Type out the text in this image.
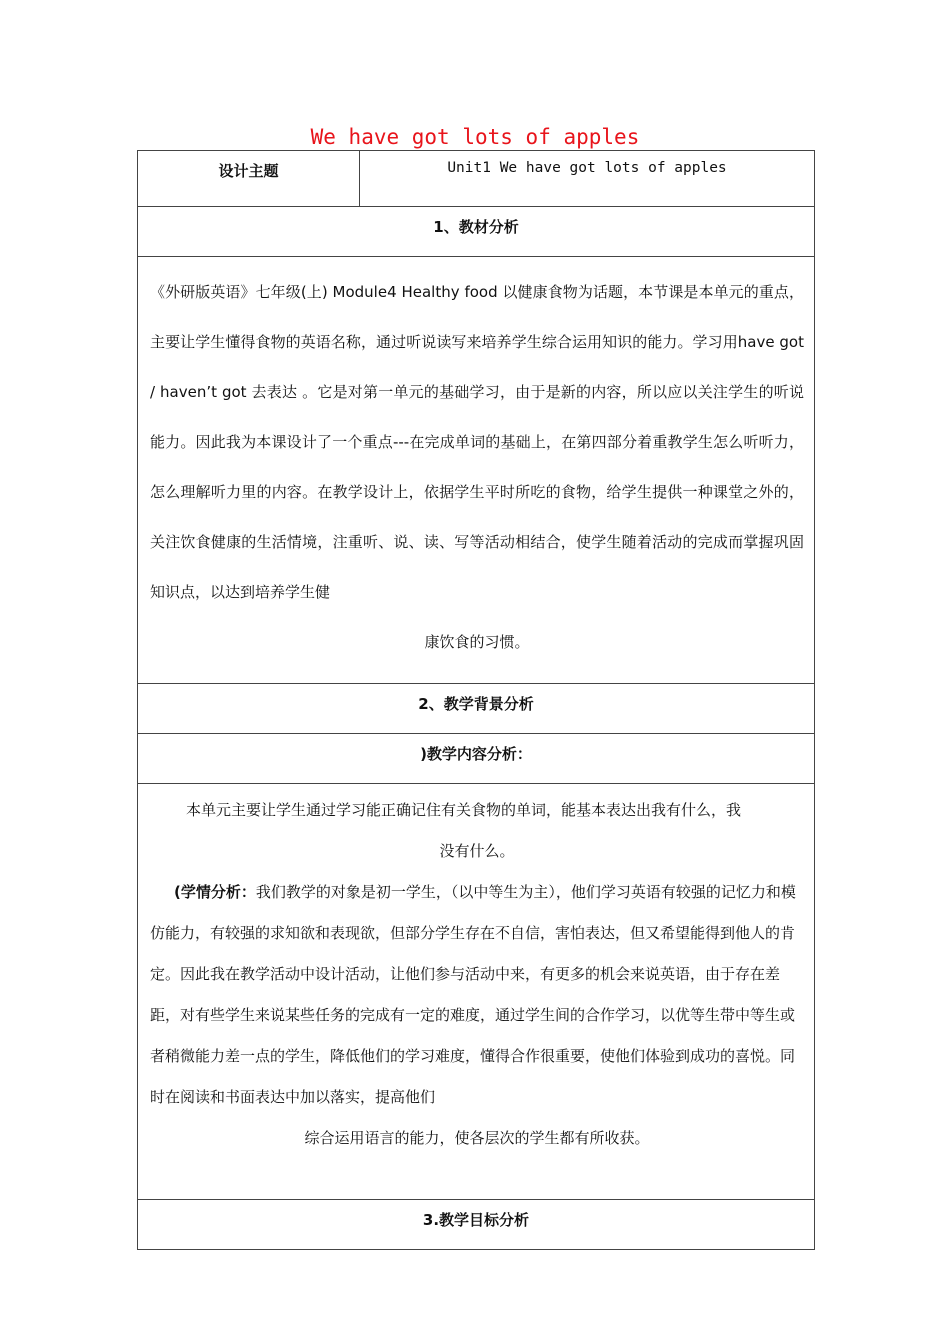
We have got lots of apples
设计主题	Unit1 We have got lots of apples
1、教材分析
《外研版英语》七年级(上) Module4 Healthy food 以健康食物为话题，本节课是本单元的重点，主要让学生懂得食物的英语名称，通过听说读写来培养学生综合运用知识的能力。学习用have got / haven’t got 去表达 。它是对第一单元的基础学习，由于是新的内容，所以应以关注学生的听说能力。因此我为本课设计了一个重点---在完成单词的基础上，在第四部分着重教学生怎么听听力，怎么理解听力里的内容。在教学设计上，依据学生平时所吃的食物，给学生提供一种课堂之外的，关注饮食健康的生活情境，注重听、说、读、写等活动相结合，使学生随着活动的完成而掌握巩固知识点，以达到培养学生健
康饮食的习惯。

2、教学背景分析
)教学内容分析：

本单元主要让学生通过学习能正确记住有关食物的单词，能基本表达出我有什么，我

没有什么。

(学情分析：我们教学的对象是初一学生，（以中等生为主），他们学习英语有较强的记忆力和模仿能力，有较强的求知欲和表现欲，但部分学生存在不自信，害怕表达，但又希望能得到他人的肯定。因此我在教学活动中设计活动，让他们参与活动中来，有更多的机会来说英语，由于存在差距，对有些学生来说某些任务的完成有一定的难度，通过学生间的合作学习，以优等生带中等生或者稍微能力差一点的学生，降低他们的学习难度，懂得合作很重要，使他们体验到成功的喜悦。同时在阅读和书面表达中加以落实，提高他们

综合运用语言的能力，使各层次的学生都有所收获。

3.教学目标分析
